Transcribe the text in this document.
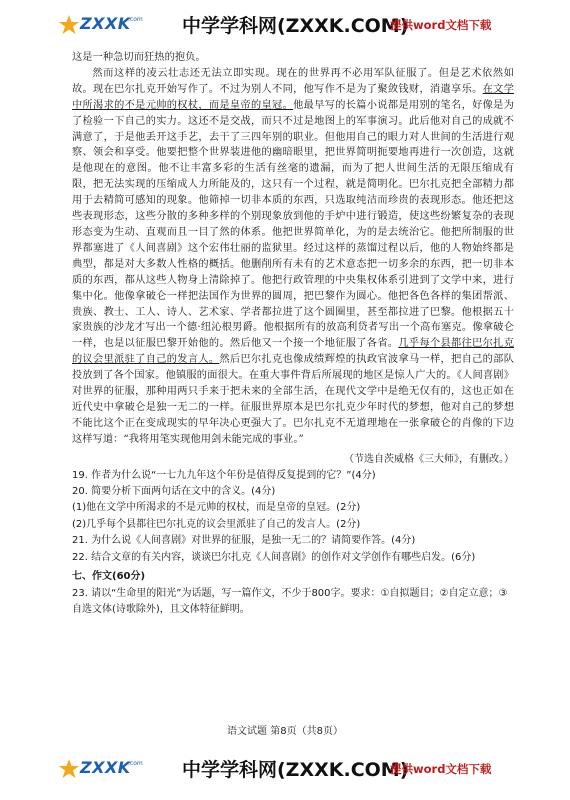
ZXXK
.com 中学学科网(ZXXK.COM)
提供word文档下载

这是一种急切而狂热的抱负。

然而这样的凌云壮志还无法立即实现。现在的世界再不必用军队征服了。但是艺术依然如故。现在巴尔扎克开始写作了。不过为别人不同，他写作不是为了聚敛钱财，消遣享乐。在文学中所渴求的不是元帅的权杖，而是皇帝的皇冠。他最早写的长篇小说都是用别的笔名，好像是为了检验一下自己的实力。这还不是交战，而只不过是地图上的军事演习。此后他对自己的成就不满意了，于是他丢开这手艺，去干了三四年别的职业。但他用自己的眼力对人世间的生活进行观察、领会和享受。他要把整个世界装进他的幽暗眼里，把世界简明扼要地再进行一次创造，这就是他现在的意图。他不让丰富多彩的生活有丝毫的遗漏，而为了把人世间生活的无限压缩成有限，把无法实现的压缩成人力所能及的，这只有一个过程，就是简明化。巴尔扎克把全部精力都用于去精简可感知的现象。他筛掉一切非本质的东西，只选取纯洁而珍贵的表现形态。他还把这些表现形态，这些分散的多种多样的个别现象放到他的手炉中进行锻造，使这些纷繁复杂的表现形态变为生动、直观而且一目了然的体系。他把世界简单化，为的是去统治它。他把所制服的世界都塞进了《人间喜剧》这个宏伟壮丽的监狱里。经过这样的蒸馏过程以后，他的人物始终都是典型，都是对大多数人性格的概括。他删削所有未有的艺术意态把一切多余的东西，把一切非本质的东西，都从这些人物身上清除掉了。他把行政管理的中央集权体系引进到了文学中来，进行集中化。他像拿破仑一样把法国作为世界的圆周，把巴黎作为圆心。他把各色各样的集团帮派、贵族、教士、工人、诗人、艺术家、学者都拉进了这个圆圈里，甚至都拉进了巴黎。他根据五十家贵族的沙龙才写出一个德·纽沁根男爵。他根据所有的放高利贷者写出一个高布塞克。像拿破仑一样，也是以征服巴黎开始他的。然后他又一个接一个地征服了各省。几乎每个县都往巴尔扎克的议会里派驻了自己的发言人。然后巴尔扎克也像成绩辉煌的执政官波拿马一样，把自己的部队投放到了各个国家。他镇服的面很大。在重大事件背后所展现的地区是惊人广大的。《人间喜剧》对世界的征服，那种用两只手来于把未来的全部生活，在现代文学中是绝无仅有的，这也正如在近代史中拿破仑是独一无二的一样。征服世界原本是巴尔扎克少年时代的梦想，他对自己的梦想不能比这个正在变成现实的早年决心更强大了。巴尔扎克不无道理地在一张拿破仑的肖像的下边这样写道：“我将用笔实现他用剑未能完成的事业。”

（节选自茨威格《三大师》，有删改。）

19. 作者为什么说“一七九九年这个年份是值得反复提到的它？”(4分)

20. 简要分析下面两句话在文中的含义。(4分)

(1)他在文学中所渴求的不是元帅的权杖，而是皇帝的皇冠。(2分)

(2)几乎每个县都往巴尔扎克的议会里派驻了自己的发言人。(2分)

21. 为什么说《人间喜剧》对世界的征服，是独一无二的？请简要作答。(4分)

22. 结合文章的有关内容，谈谈巴尔扎克《人间喜剧》的创作对文学创作有哪些启发。(6分)

七、作文(60分)

23. 请以“生命里的阳光”为话题，写一篇作文，不少于800字。要求：①自拟题目；②自定立意；③自选文体(诗歌除外)，且文体特征鲜明。

语文试题 第8页（共8页）
ZXXK
.com 中学学科网(ZXXK.COM)
提供word文档下载
